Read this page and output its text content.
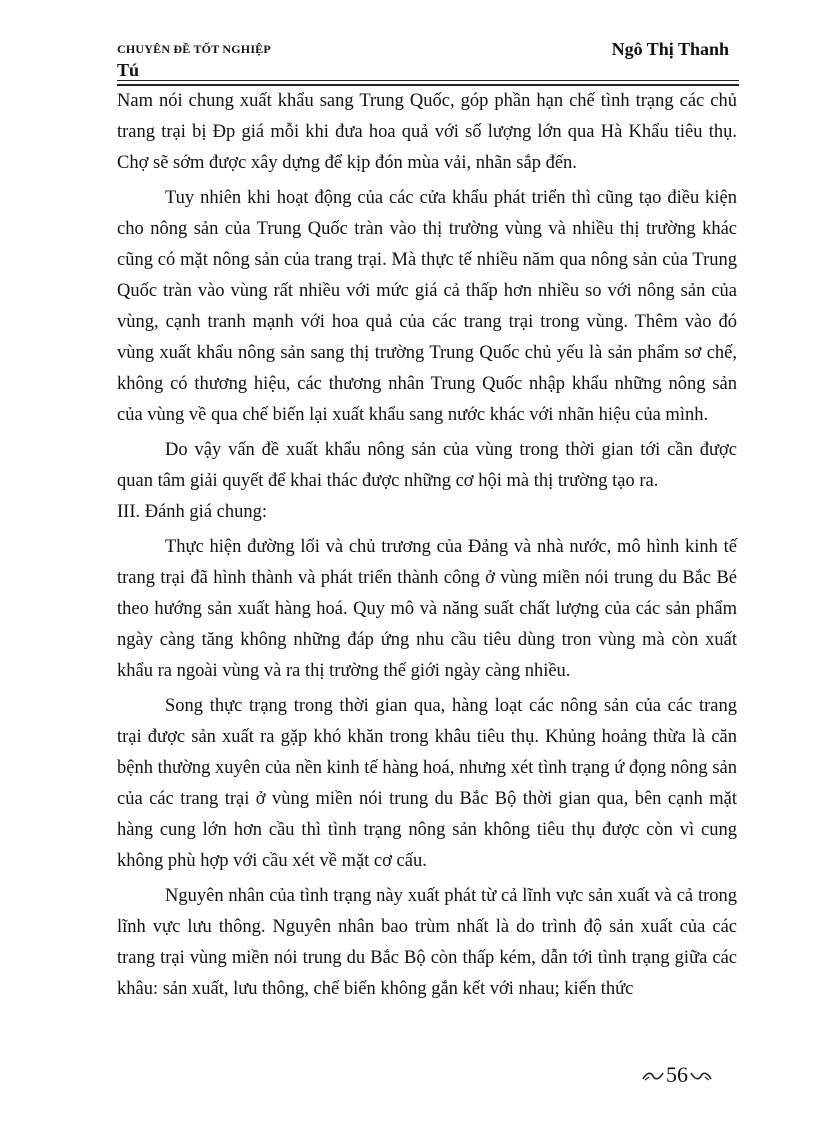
CHUYÊN ĐỀ TỐT NGHIỆP	Ngô Thị Thanh
Tú

Nam nói chung xuất khẩu sang Trung Quốc, góp phần hạn chế tình trạng các chủ trang trại bị Ðp giá mỗi khi đưa hoa quả với số lượng lớn qua Hà Khẩu tiêu thụ. Chợ sẽ sớm được xây dựng để kịp đón mùa vải, nhãn sắp đến.

Tuy nhiên khi hoạt động của các cửa khẩu phát triển thì cũng tạo điều kiện cho nông sản của Trung Quốc tràn vào thị trường vùng và nhiều thị trường khác cũng có mặt nông sản của trang trại. Mà thực tế nhiều năm qua nông sản của Trung Quốc tràn vào vùng rất nhiều với mức giá cả thấp hơn nhiều so với nông sản của vùng, cạnh tranh mạnh với hoa quả của các trang trại trong vùng. Thêm vào đó vùng xuất khẩu nông sản sang thị trường Trung Quốc chủ yếu là sản phẩm sơ chế, không có thương hiệu, các thương nhân Trung Quốc nhập khẩu những nông sản của vùng về qua chế biến lại xuất khẩu sang nước khác với nhãn hiệu của mình.

Do vậy vấn đề xuất khẩu nông sản của vùng trong thời gian tới cần được quan tâm giải quyết để khai thác được những cơ hội mà thị trường tạo ra.

III. Đánh giá chung:

Thực hiện đường lối và chủ trương của Đảng và nhà nước, mô hình kinh tế trang trại đã hình thành và phát triển thành công ở vùng miền nói trung du Bắc Bé theo hướng sản xuất hàng hoá. Quy mô và năng suất chất lượng của các sản phẩm ngày càng tăng không những đáp ứng nhu cầu tiêu dùng tron vùng mà còn xuất khẩu ra ngoài vùng và ra thị trường thế giới ngày càng nhiều.

Song thực trạng trong thời gian qua, hàng loạt các nông sản của các trang trại được sản xuất ra gặp khó khăn trong khâu tiêu thụ. Khủng hoảng thừa là căn bệnh thường xuyên của nền kinh tế hàng hoá, nhưng xét tình trạng ứ đọng nông sản của các trang trại ở vùng miền nói trung du Bắc Bộ thời gian qua, bên cạnh mặt hàng cung lớn hơn cầu thì tình trạng nông sản không tiêu thụ được còn vì cung không phù hợp với cầu xét về mặt cơ cấu.

Nguyên nhân của tình trạng này xuất phát từ cả lĩnh vực sản xuất và cả trong lĩnh vực lưu thông. Nguyên nhân bao trùm nhất là do trình độ sản xuất của các trang trại vùng miền nói trung du Bắc Bộ còn thấp kém, dẫn tới tình trạng giữa các khâu: sản xuất, lưu thông, chế biến không gắn kết với nhau; kiến thức

56
